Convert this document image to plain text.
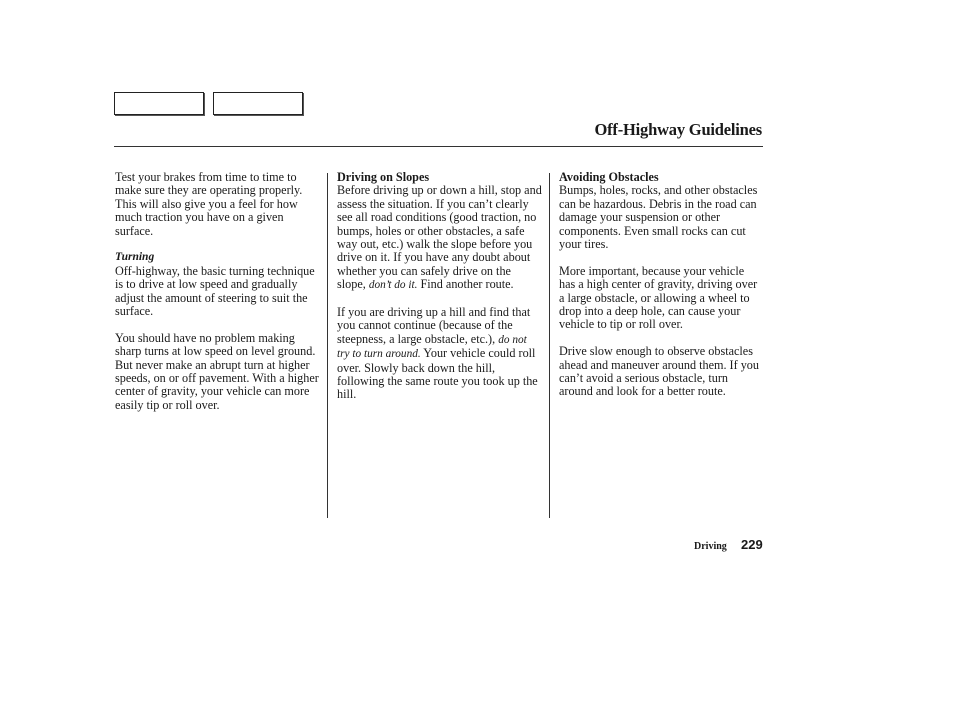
Off-Highway Guidelines

Test your brakes from time to time to make sure they are operating properly. This will also give you a feel for how much traction you have on a given surface.

Turning

Off-highway, the basic turning technique is to drive at low speed and gradually adjust the amount of steering to suit the surface.

You should have no problem making sharp turns at low speed on level ground. But never make an abrupt turn at higher speeds, on or off pavement. With a higher center of gravity, your vehicle can more easily tip or roll over.

Driving on Slopes

Before driving up or down a hill, stop and assess the situation. If you can’t clearly see all road conditions (good traction, no bumps, holes or other obstacles, a safe way out, etc.) walk the slope before you drive on it. If you have any doubt about whether you can safely drive on the slope, don’t do it. Find another route.

If you are driving up a hill and find that you cannot continue (because of the steepness, a large obstacle, etc.), do not try to turn around. Your vehicle could roll over. Slowly back down the hill, following the same route you took up the hill.

Avoiding Obstacles

Bumps, holes, rocks, and other obstacles can be hazardous. Debris in the road can damage your suspension or other components. Even small rocks can cut your tires.

More important, because your vehicle has a high center of gravity, driving over a large obstacle, or allowing a wheel to drop into a deep hole, can cause your vehicle to tip or roll over.

Drive slow enough to observe obstacles ahead and maneuver around them. If you can’t avoid a serious obstacle, turn around and look for a better route.

Driving 229
